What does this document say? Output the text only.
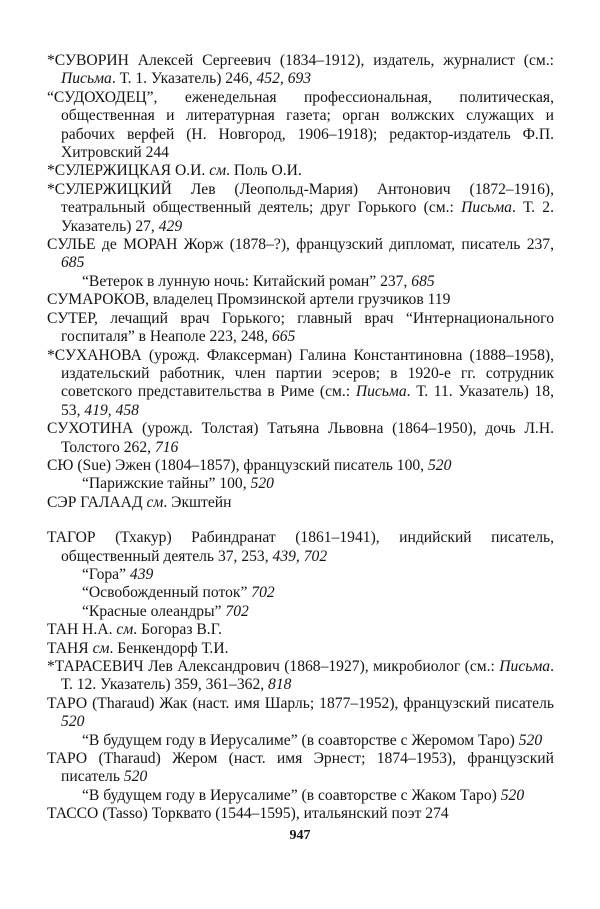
*СУВОРИН Алексей Сергеевич (1834–1912), издатель, журналист (см.: Письма. Т. 1. Указатель) 246, 452, 693

“СУДОХОДЕЦ”, еженедельная профессиональная, политическая, общественная и литературная газета; орган волжских служащих и рабочих верфей (Н. Новгород, 1906–1918); редактор-издатель Ф.П. Хитровский 244

*СУЛЕРЖИЦКАЯ О.И. см. Поль О.И.

*СУЛЕРЖИЦКИЙ Лев (Леопольд-Мария) Антонович (1872–1916), театральный общественный деятель; друг Горького (см.: Письма. Т. 2. Указатель) 27, 429

СУЛЬЕ де МОРАН Жорж (1878–?), французский дипломат, писатель 237, 685

“Ветерок в лунную ночь: Китайский роман” 237, 685

СУМАРОКОВ, владелец Промзинской артели грузчиков 119

СУТЕР, лечащий врач Горького; главный врач “Интернационального госпиталя” в Неаполе 223, 248, 665

*СУХАНОВА (урожд. Флаксерман) Галина Константиновна (1888–1958), издательский работник, член партии эсеров; в 1920-е гг. сотрудник советского представительства в Риме (см.: Письма. Т. 11. Указатель) 18, 53, 419, 458

СУХОТИНА (урожд. Толстая) Татьяна Львовна (1864–1950), дочь Л.Н. Толстого 262, 716

СЮ (Sue) Эжен (1804–1857), французский писатель 100, 520

“Парижские тайны” 100, 520

СЭР ГАЛААД см. Экштейн

ТАГОР (Тхакур) Рабиндранат (1861–1941), индийский писатель, общественный деятель 37, 253, 439, 702

“Гора” 439

“Освобожденный поток” 702

“Красные олеандры” 702

ТАН Н.А. см. Богораз В.Г.

ТАНЯ см. Бенкендорф Т.И.

*ТАРАСЕВИЧ Лев Александрович (1868–1927), микробиолог (см.: Письма. Т. 12. Указатель) 359, 361–362, 818

ТАРО (Tharaud) Жак (наст. имя Шарль; 1877–1952), французский писатель 520

“В будущем году в Иерусалиме” (в соавторстве с Жеромом Таро) 520

ТАРО (Tharaud) Жером (наст. имя Эрнест; 1874–1953), французский писатель 520

“В будущем году в Иерусалиме” (в соавторстве с Жаком Таро) 520

ТАССО (Tasso) Торквато (1544–1595), итальянский поэт 274

947
